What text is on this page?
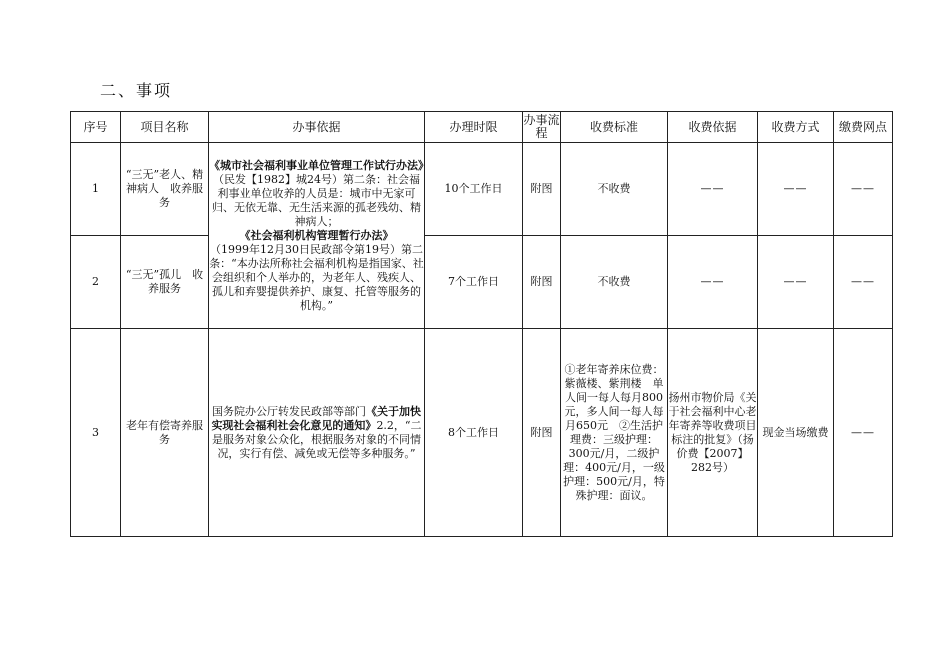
二、事项
序号	项目名称	办事依据	办理时限	办事流程	收费标准	收费依据	收费方式	缴费网点
1	“三无”老人、精神病人　收养服务	《城市社会福利事业单位管理工作试行办法》（民发【1982】城24号）第二条：社会福利事业单位收养的人员是：城市中无家可归、无依无靠、无生活来源的孤老残幼、精神病人；
《社会福利机构管理暂行办法》
（1999年12月30日民政部令第19号）第二条：“本办法所称社会福利机构是指国家、社会组织和个人举办的，为老年人、残疾人、孤儿和弃婴提供养护、康复、托管等服务的机构。”	10个工作日	附图	不收费	——	——	——
2	“三无”孤儿　收养服务		7个工作日	附图	不收费	——	——	——
3	老年有偿寄养服务	国务院办公厅转发民政部等部门《关于加快实现社会福利社会化意见的通知》2.2，“二是服务对象公众化，根据服务对象的不同情况，实行有偿、减免或无偿等多种服务。”	8个工作日	附图	①老年寄养床位费：紫薇楼、紫荆楼　单人间一每人每月800元，多人间一每人每月650元　②生活护理费：三级护理：300元/月，二级护理：400元/月，一级护理：500元/月，特殊护理：面议。	扬州市物价局《关于社会福利中心老年寄养等收费项目标注的批复》（扬价费【2007】282号）	现金当场缴费	——
